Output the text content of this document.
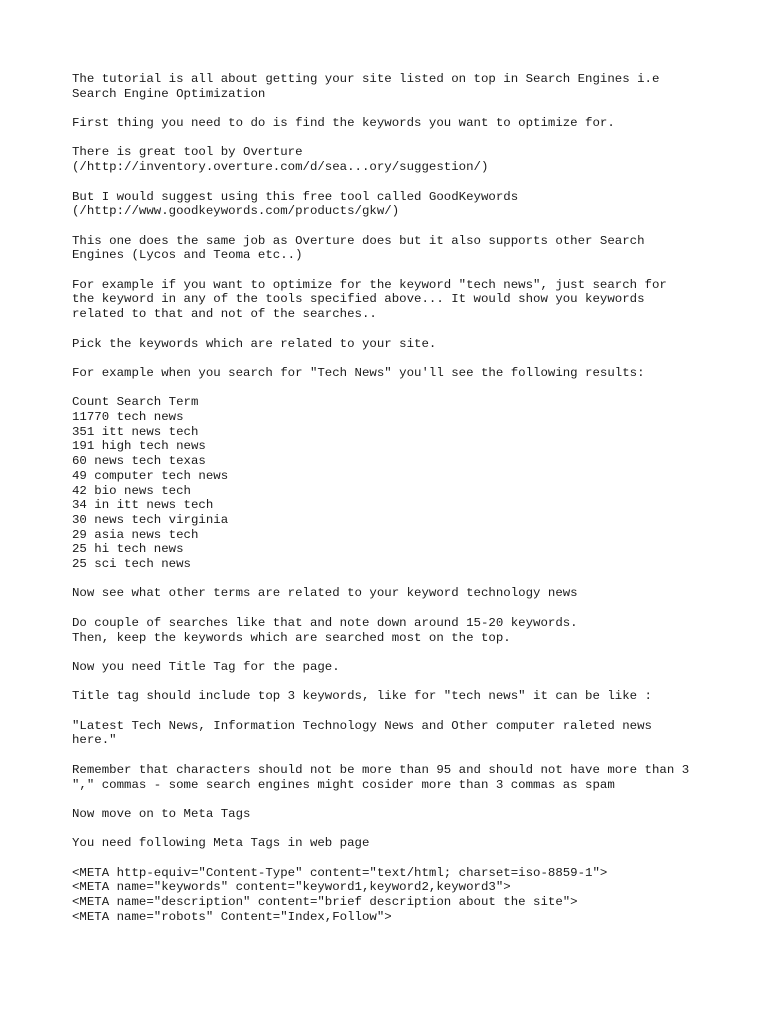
The tutorial is all about getting your site listed on top in Search Engines i.e
Search Engine Optimization
First thing you need to do is find the keywords you want to optimize for.
There is great tool by Overture
(/http://inventory.overture.com/d/sea...ory/suggestion/)
But I would suggest using this free tool called GoodKeywords
(/http://www.goodkeywords.com/products/gkw/)
This one does the same job as Overture does but it also supports other Search
Engines (Lycos and Teoma etc..)
For example if you want to optimize for the keyword "tech news", just search for
the keyword in any of the tools specified above... It would show you keywords
related to that and not of the searches..
Pick the keywords which are related to your site.
For example when you search for "Tech News" you'll see the following results:
Count Search Term
11770 tech news
351 itt news tech
191 high tech news
60 news tech texas
49 computer tech news
42 bio news tech
34 in itt news tech
30 news tech virginia
29 asia news tech
25 hi tech news
25 sci tech news
Now see what other terms are related to your keyword technology news
Do couple of searches like that and note down around 15-20 keywords.
Then, keep the keywords which are searched most on the top.
Now you need Title Tag for the page.
Title tag should include top 3 keywords, like for "tech news" it can be like :
"Latest Tech News, Information Technology News and Other computer raleted news
here."
Remember that characters should not be more than 95 and should not have more than 3
"," commas - some search engines might cosider more than 3 commas as spam
Now move on to Meta Tags
You need following Meta Tags in web page
<META http-equiv="Content-Type" content="text/html; charset=iso-8859-1">
<META name="keywords" content="keyword1,keyword2,keyword3">
<META name="description" content="brief description about the site">
<META name="robots" Content="Index,Follow">
